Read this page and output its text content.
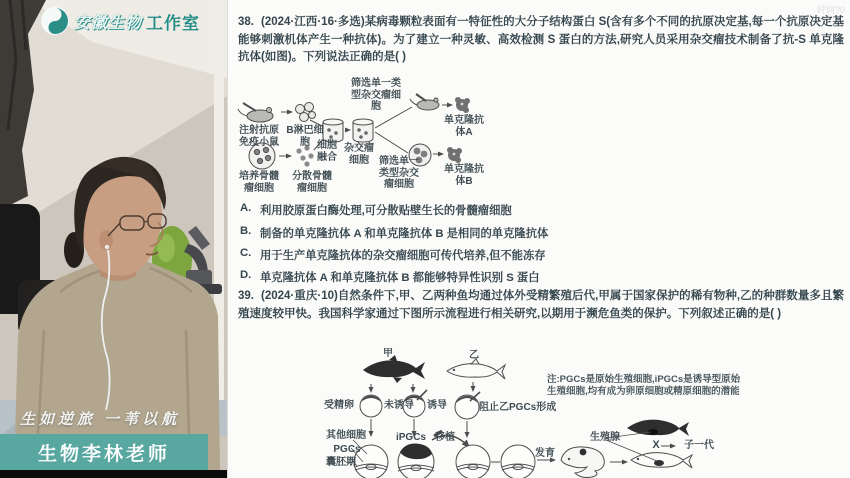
安徽生物 工作室
生如逆旅 一苇以航
生物李林老师
时间?0
38. (2024·江西·16·多选)某病毒颗粒表面有一特征性的大分子结构蛋白 S(含有多个不同的抗原决定基,每一个抗原决定基能够刺激机体产生一种抗体)。为了建立一种灵敏、高效检测 S 蛋白的方法,研究人员采用杂交瘤技术制备了抗-S 单克隆抗体(如图)。下列说法正确的是( )
筛选单一类型杂交瘤细胞
注射抗原免疫小鼠
B淋巴细胞
培养骨髓瘤细胞
分散骨髓瘤细胞
细胞融合
杂交瘤细胞	筛选单一类型杂交瘤细胞
单克隆抗体A
单克隆抗体B
A. 利用胶原蛋白酶处理,可分散贴壁生长的骨髓瘤细胞
B. 制备的单克隆抗体 A 和单克隆抗体 B 是相同的单克隆抗体
C. 用于生产单克隆抗体的杂交瘤细胞可传代培养,但不能冻存
D. 单克隆抗体 A 和单克隆抗体 B 都能够特异性识别 S 蛋白
39. (2024·重庆·10)自然条件下,甲、乙两种鱼均通过体外受精繁殖后代,甲属于国家保护的稀有物种,乙的种群数量多且繁殖速度较甲快。我国科学家通过下图所示流程进行相关研究,以期用于濒危鱼类的保护。下列叙述正确的是( )
甲	乙
受精卵	未诱导 诱导	阻止乙PGCs形成
注:PGCs是原始生殖细胞,iPGCs是诱导型原始
生殖细胞,均有成为卵原细胞或精原细胞的潜能
其他细胞	iPGCs 移植
PGCs
囊胚期
发育
生殖腺
X	子一代
